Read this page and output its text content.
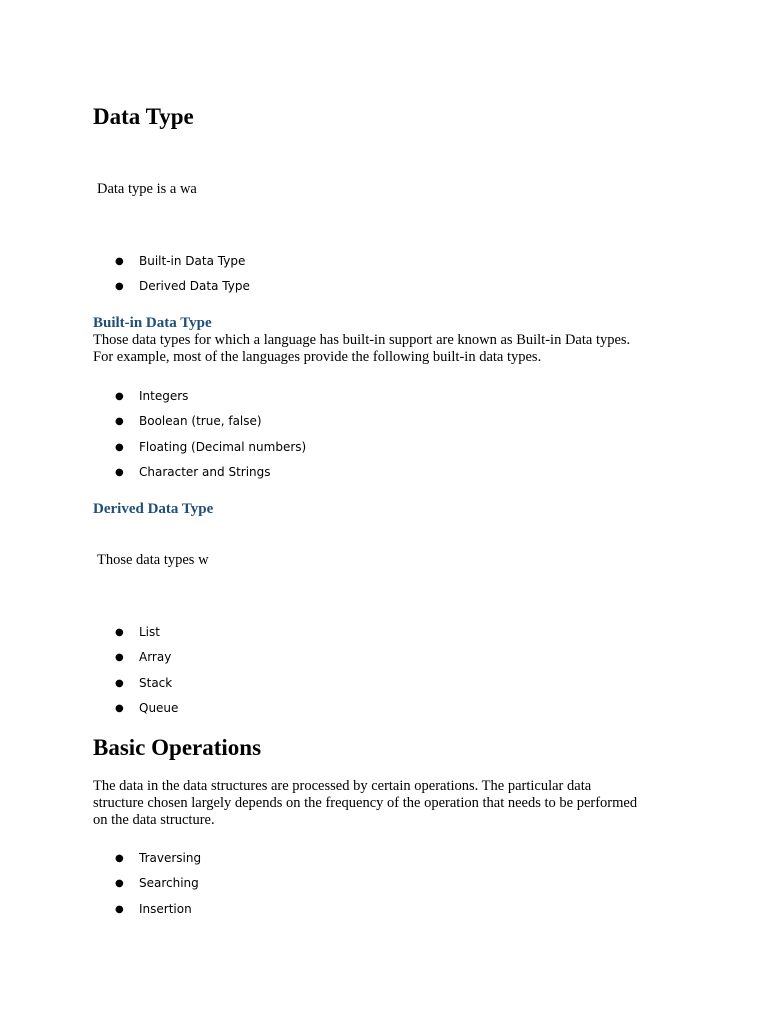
Data Type

Data type is a wa

● Built-in Data Type
● Derived Data Type
Built-in Data Type
Those data types for which a language has built-in support are known as Built-in Data types.
For example, most of the languages provide the following built-in data types.
● Integers
● Boolean (true, false)
● Floating (Decimal numbers)
● Character and Strings
Derived Data Type

Those data types w

● List
● Array
● Stack
● Queue
Basic Operations
The data in the data structures are processed by certain operations. The particular data
structure chosen largely depends on the frequency of the operation that needs to be performed
on the data structure.
● Traversing
● Searching
● Insertion
